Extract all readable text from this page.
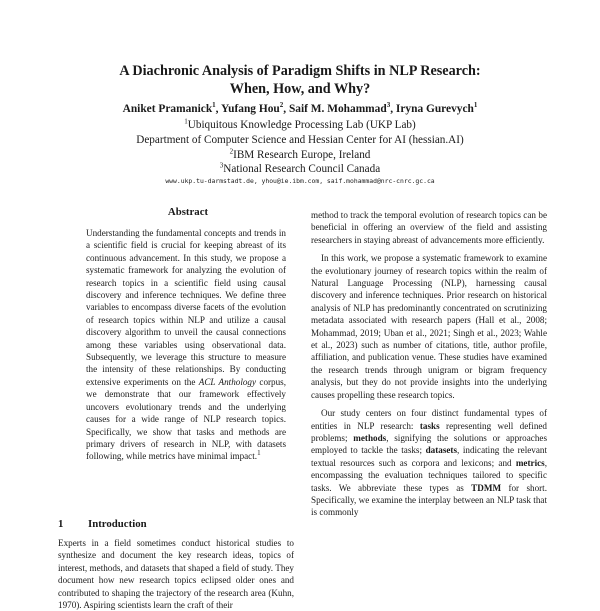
A Diachronic Analysis of Paradigm Shifts in NLP Research:
When, How, and Why?
Aniket Pramanick$^1$, Yufang Hou$^2$, Saif M. Mohammad$^3$, Iryna Gurevych$^1$
$^1$Ubiquitous Knowledge Processing Lab (UKP Lab)
Department of Computer Science and Hessian Center for AI (hessian.AI)
$^2$IBM Research Europe, Ireland
$^3$National Research Council Canada
www.ukp.tu-darmstadt.de, yhou@ie.ibm.com, saif.mohammad@nrc-cnrc.gc.ca
Abstract

Understanding the fundamental concepts and trends in a scientific field is crucial for keeping abreast of its continuous advancement. In this study, we propose a systematic framework for analyzing the evolution of research topics in a scientific field using causal discovery and inference techniques. We define three variables to encompass diverse facets of the evolution of research topics within NLP and utilize a causal discovery algorithm to unveil the causal connections among these variables using observational data. Subsequently, we leverage this structure to measure the intensity of these relationships. By conducting extensive experiments on the ACL Anthology corpus, we demonstrate that our framework effectively uncovers evolutionary trends and the underlying causes for a wide range of NLP research topics. Specifically, we show that tasks and methods are primary drivers of research in NLP, with datasets following, while metrics have minimal impact.$^1$

1 Introduction

Experts in a field sometimes conduct historical studies to synthesize and document the key research ideas, topics of interest, methods, and datasets that shaped a field of study. They document how new research topics eclipsed older ones and contributed to shaping the trajectory of the research area (Kuhn, 1970). Aspiring scientists learn the craft of their

method to track the temporal evolution of research topics can be beneficial in offering an overview of the field and assisting researchers in staying abreast of advancements more efficiently.

In this work, we propose a systematic framework to examine the evolutionary journey of research topics within the realm of Natural Language Processing (NLP), harnessing causal discovery and inference techniques. Prior research on historical analysis of NLP has predominantly concentrated on scrutinizing metadata associated with research papers (Hall et al., 2008; Mohammad, 2019; Uban et al., 2021; Singh et al., 2023; Wahle et al., 2023) such as number of citations, title, author profile, affiliation, and publication venue. These studies have examined the research trends through unigram or bigram frequency analysis, but they do not provide insights into the underlying causes propelling these research topics.

Our study centers on four distinct fundamental types of entities in NLP research: tasks representing well defined problems; methods, signifying the solutions or approaches employed to tackle the tasks; datasets, indicating the relevant textual resources such as corpora and lexicons; and metrics, encompassing the evaluation techniques tailored to specific tasks. We abbreviate these types as TDMM for short. Specifically, we examine the interplay between an NLP task that is commonly
